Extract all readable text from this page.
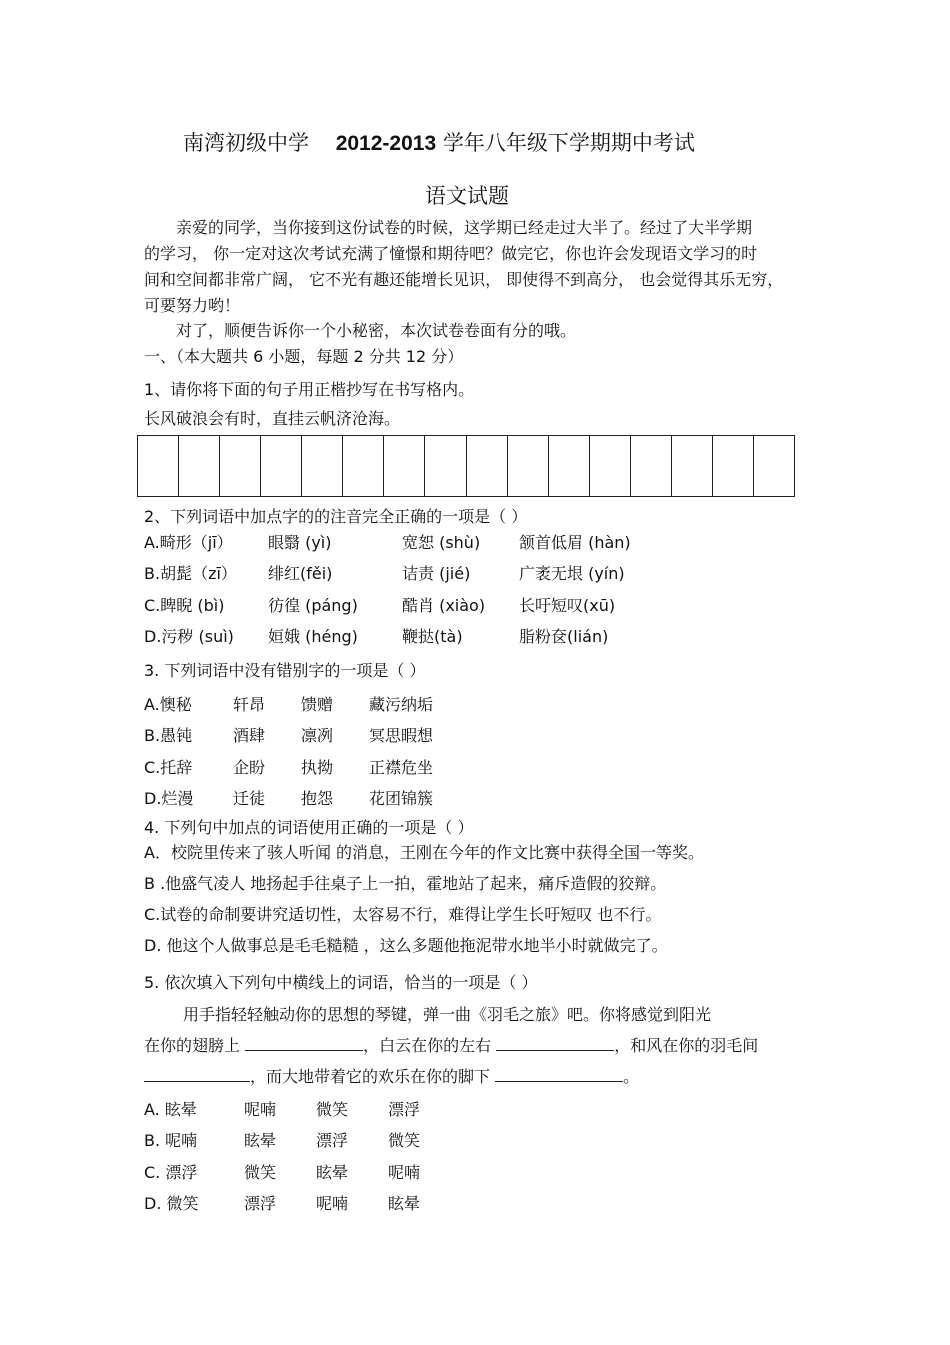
南湾初级中学 2012-2013 学年八年级下学期期中考试
语文试题
亲爱的同学，当你接到这份试卷的时候，这学期已经走过大半了。经过了大半学期
的学习， 你一定对这次考试充满了憧憬和期待吧？做完它，你也许会发现语文学习的时
间和空间都非常广阔， 它不光有趣还能增长见识， 即使得不到高分， 也会觉得其乐无穷，
可要努力哟！
对了，顺便告诉你一个小秘密，本次试卷卷面有分的哦。
一、（本大题共 6 小题，每题 2 分共 12 分）
1、请你将下面的句子用正楷抄写在书写格内。
长风破浪会有时，直挂云帆济沧海。
2、下列词语中加点字的的注音完全正确的一项是（ ）
A.畸形（jī） 眼翳 (yì)	宽恕 (shù) 颔首低眉 (hàn)
B.胡髭（zī） 绯红(fěi)	诘责 (jié)	广袤无垠 (yín)
C.睥睨 (bì)	彷徨 (páng)	酷肖 (xiào) 长吁短叹(xū)
D.污秽 (suì) 姮娥 (héng)	鞭挞(tà)	脂粉奁(lián)
3. 下列词语中没有错别字的一项是（ ）
A.懊秘	轩昂 馈赠 藏污纳垢
B.愚钝	酒肆 凛冽 冥思暇想
C.托辞	企盼 执拗 正襟危坐
D.烂漫 迁徒 抱怨 花团锦簇
4. 下列句中加点的词语使用正确的一项是（ ）
A．校院里传来了骇人听闻 的消息，王刚在今年的作文比赛中获得全国一等奖。
B .他盛气凌人 地扬起手往桌子上一拍，霍地站了起来，痛斥造假的狡辩。
C.试卷的命制要讲究适切性，太容易不行，难得让学生长吁短叹 也不行。
D. 他这个人做事总是毛毛糙糙 ，这么多题他拖泥带水地半小时就做完了。
5. 依次填入下列句中横线上的词语，恰当的一项是（ ）
用手指轻轻触动你的思想的琴键，弹一曲《羽毛之旅》吧。你将感觉到阳光
在你的翅膀上	，白云在你的左右	，和风在你的羽毛间
，而大地带着它的欢乐在你的脚下	。
A. 眩晕	呢喃 微笑 漂浮
B. 呢喃	眩晕 漂浮 微笑
C. 漂浮	微笑 眩晕 呢喃
D. 微笑	漂浮 呢喃 眩晕
